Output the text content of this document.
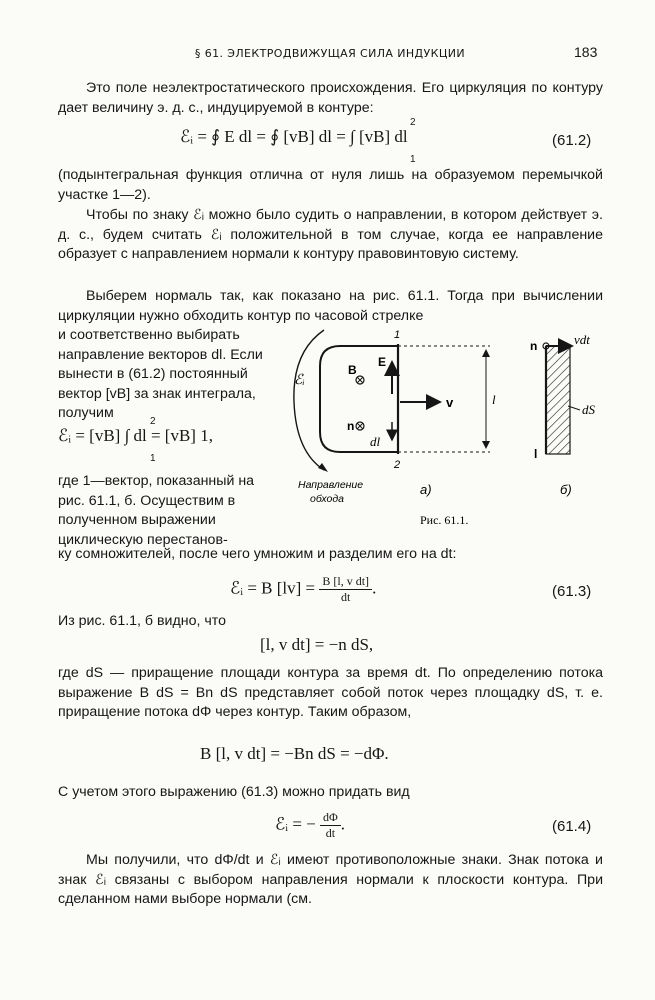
§ 61. ЭЛЕКТРОДВИЖУЩАЯ СИЛА ИНДУКЦИИ	183
Это поле неэлектростатического происхождения. Его циркуляция по контуру дает величину э. д. с., индуцируемой в контуре:
ℰᵢ = ∮ E dl = ∮ [vB] dl = ∫ [vB] dl
2
1
(61.2)
(подынтегральная функция отлична от нуля лишь на образуемом перемычкой участке 1—2).
Чтобы по знаку ℰᵢ можно было судить о направлении, в котором действует э. д. с., будем считать ℰᵢ положительной в том случае, когда ее направление образует с направлением нормали к контуру правовинтовую систему.
Выберем нормаль так, как показано на рис. 61.1. Тогда при вычислении циркуляции нужно обходить контур по часовой стрелке
и соответственно выбирать направление векторов dl. Если вынести в (61.2) постоянный вектор [vB] за знак интеграла, получим
ℰᵢ = [vB] ∫ dl = [vB] 1,
2
1
где 1—вектор, показанный на рис. 61.1, б. Осуществим в полученном выражении циклическую перестанов-
ку сомножителей, после чего умножим и разделим его на dt:
ℰᵢ = B $[lv] = \frac{\text{B [l, v dt]}}{dt}$ .	(61.3)
Из рис. 61.1, б видно, что
[l, v dt] = −n dS,
где dS — приращение площади контура за время dt. По определению потока выражение B dS = Bn dS представляет собой поток через площадку dS, т. е. приращение потока dΦ через контур. Таким образом,
B [l, v dt] = −Bn dS = −dΦ.
С учетом этого выражению (61.3) можно придать вид
ℰᵢ = − $\frac{d\Phi}{dt}$ .	(61.4)
Мы получили, что dΦ/dt и ℰᵢ имеют противоположные знаки. Знак потока и знак ℰᵢ связаны с выбором направления нормали к плоскости контура. При сделанном нами выборе нормали (см.
B
E
n
dl
v	l
1
2
ℰᵢ
Направление
обхода
а)
Рис. 61.1.
n	vdt
dS
l
б)
